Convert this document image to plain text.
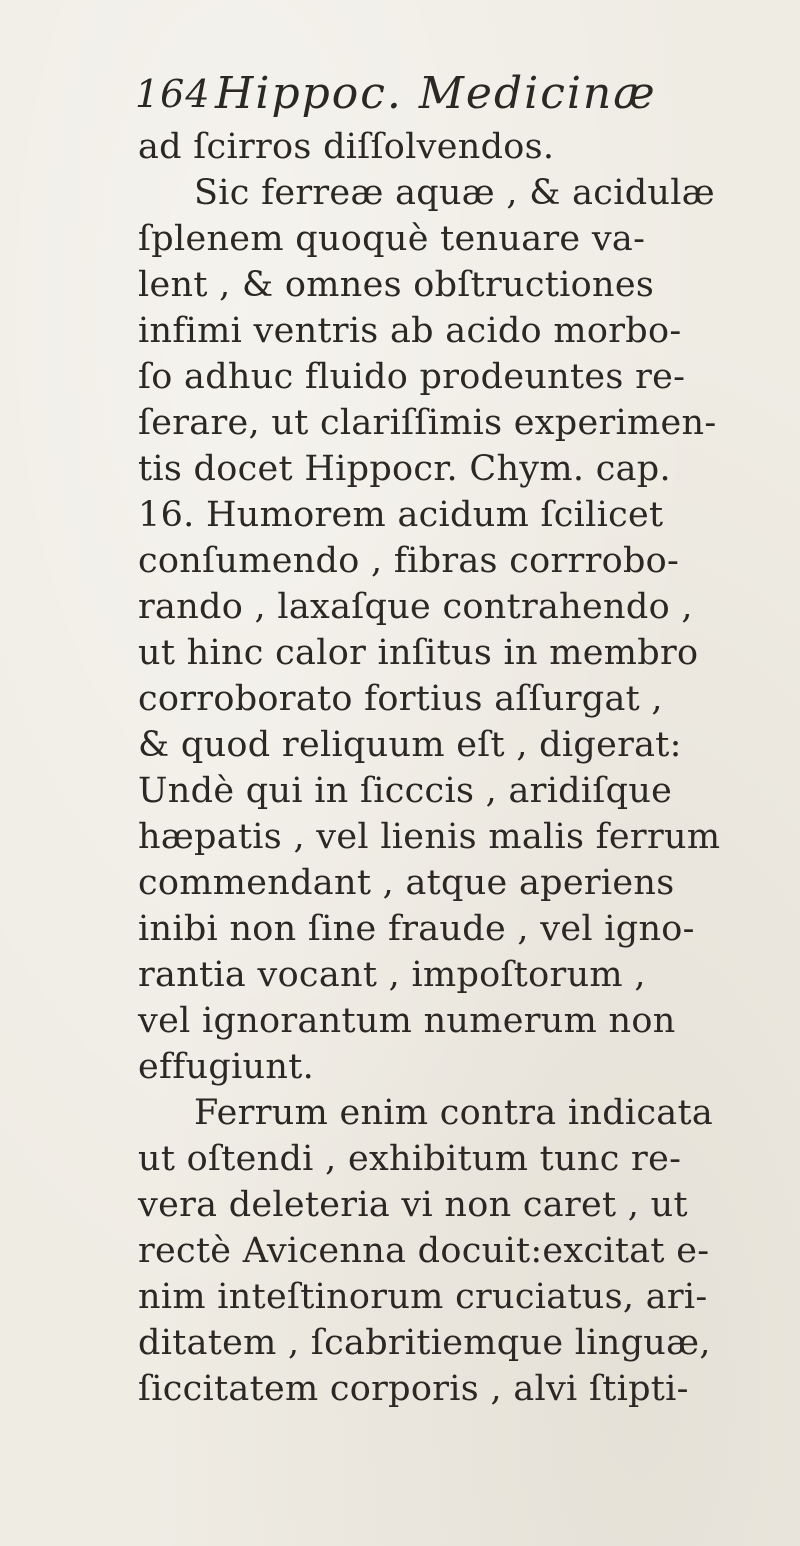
164 Hippoc. Medicinæ
ad ſcirros diſſolvendos.
Sic ferreæ aquæ , & acidulæ
ſplenem quoquè tenuare va-
lent , & omnes obſtructiones
infimi ventris ab acido morbo-
ſo adhuc fluido prodeuntes re-
ſerare, ut clariſſimis experimen-
tis docet Hippocr. Chym. cap.
16. Humorem acidum ſcilicet
conſumendo , fibras corrrobo-
rando , laxaſque contrahendo ,
ut hinc calor inſitus in membro
corroborato fortius aſſurgat ,
& quod reliquum eſt , digerat:
Undè qui in ſicccis , aridiſque
hæpatis , vel lienis malis ferrum
commendant , atque aperiens
inibi non ſine fraude , vel igno-
rantia vocant , impoſtorum ,
vel ignorantum numerum non
effugiunt.
Ferrum enim contra indicata
ut oſtendi , exhibitum tunc re-
vera deleteria vi non caret , ut
rectè Avicenna docuit:excitat e-
nim inteſtinorum cruciatus, ari-
ditatem , ſcabritiemque linguæ,
ſiccitatem corporis , alvi ſtipti-
